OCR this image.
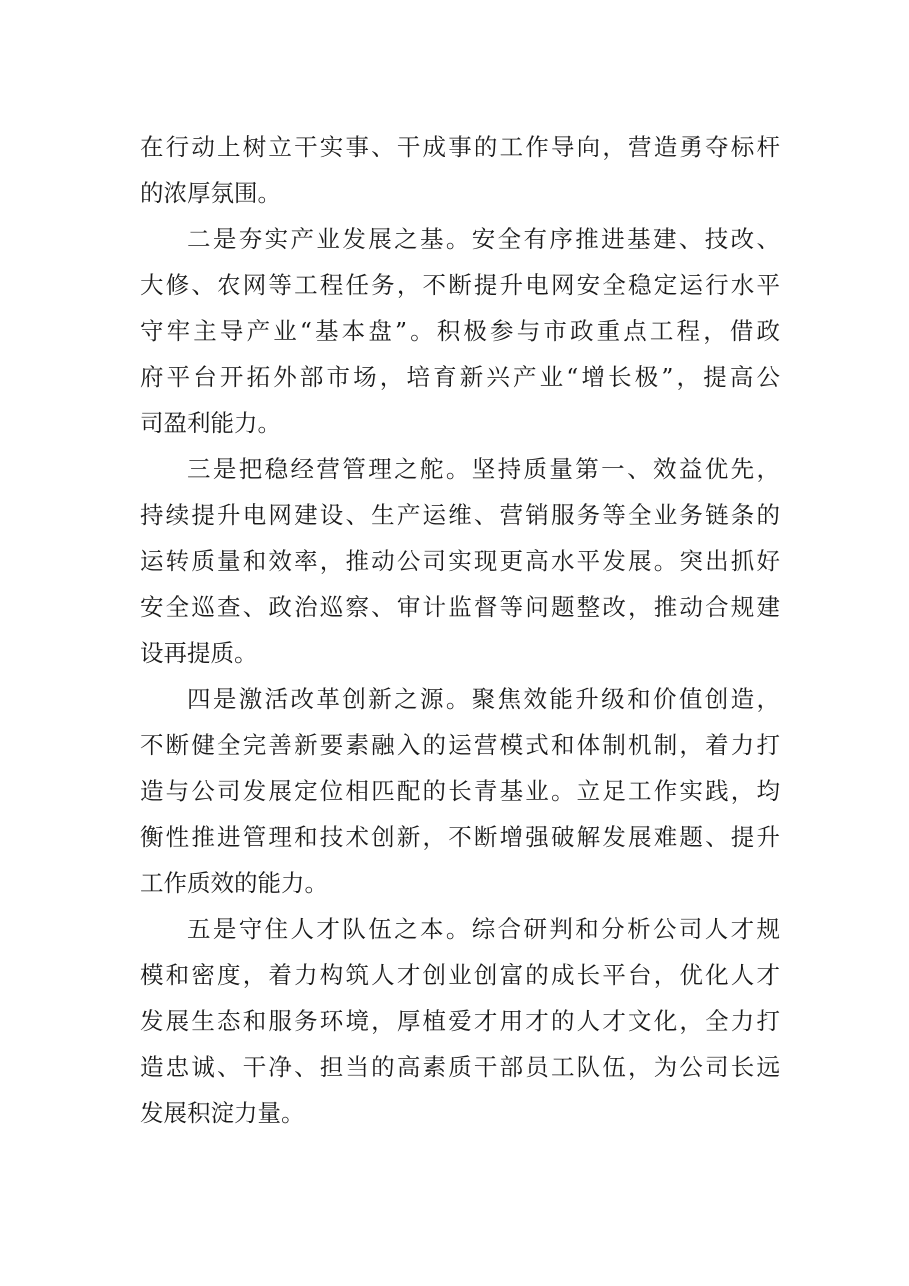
在行动上树立干实事、干成事的工作导向，营造勇夺标杆
的浓厚氛围。
二是夯实产业发展之基。安全有序推进基建、技改、
大修、农网等工程任务，不断提升电网安全稳定运行水平
守牢主导产业“基本盘”。积极参与市政重点工程，借政
府平台开拓外部市场，培育新兴产业“增长极”，提高公
司盈利能力。
三是把稳经营管理之舵。坚持质量第一、效益优先，
持续提升电网建设、生产运维、营销服务等全业务链条的
运转质量和效率，推动公司实现更高水平发展。突出抓好
安全巡查、政治巡察、审计监督等问题整改，推动合规建
设再提质。
四是激活改革创新之源。聚焦效能升级和价值创造，
不断健全完善新要素融入的运营模式和体制机制，着力打
造与公司发展定位相匹配的长青基业。立足工作实践，均
衡性推进管理和技术创新，不断增强破解发展难题、提升
工作质效的能力。
五是守住人才队伍之本。综合研判和分析公司人才规
模和密度，着力构筑人才创业创富的成长平台，优化人才
发展生态和服务环境，厚植爱才用才的人才文化，全力打
造忠诚、干净、担当的高素质干部员工队伍，为公司长远
发展积淀力量。
